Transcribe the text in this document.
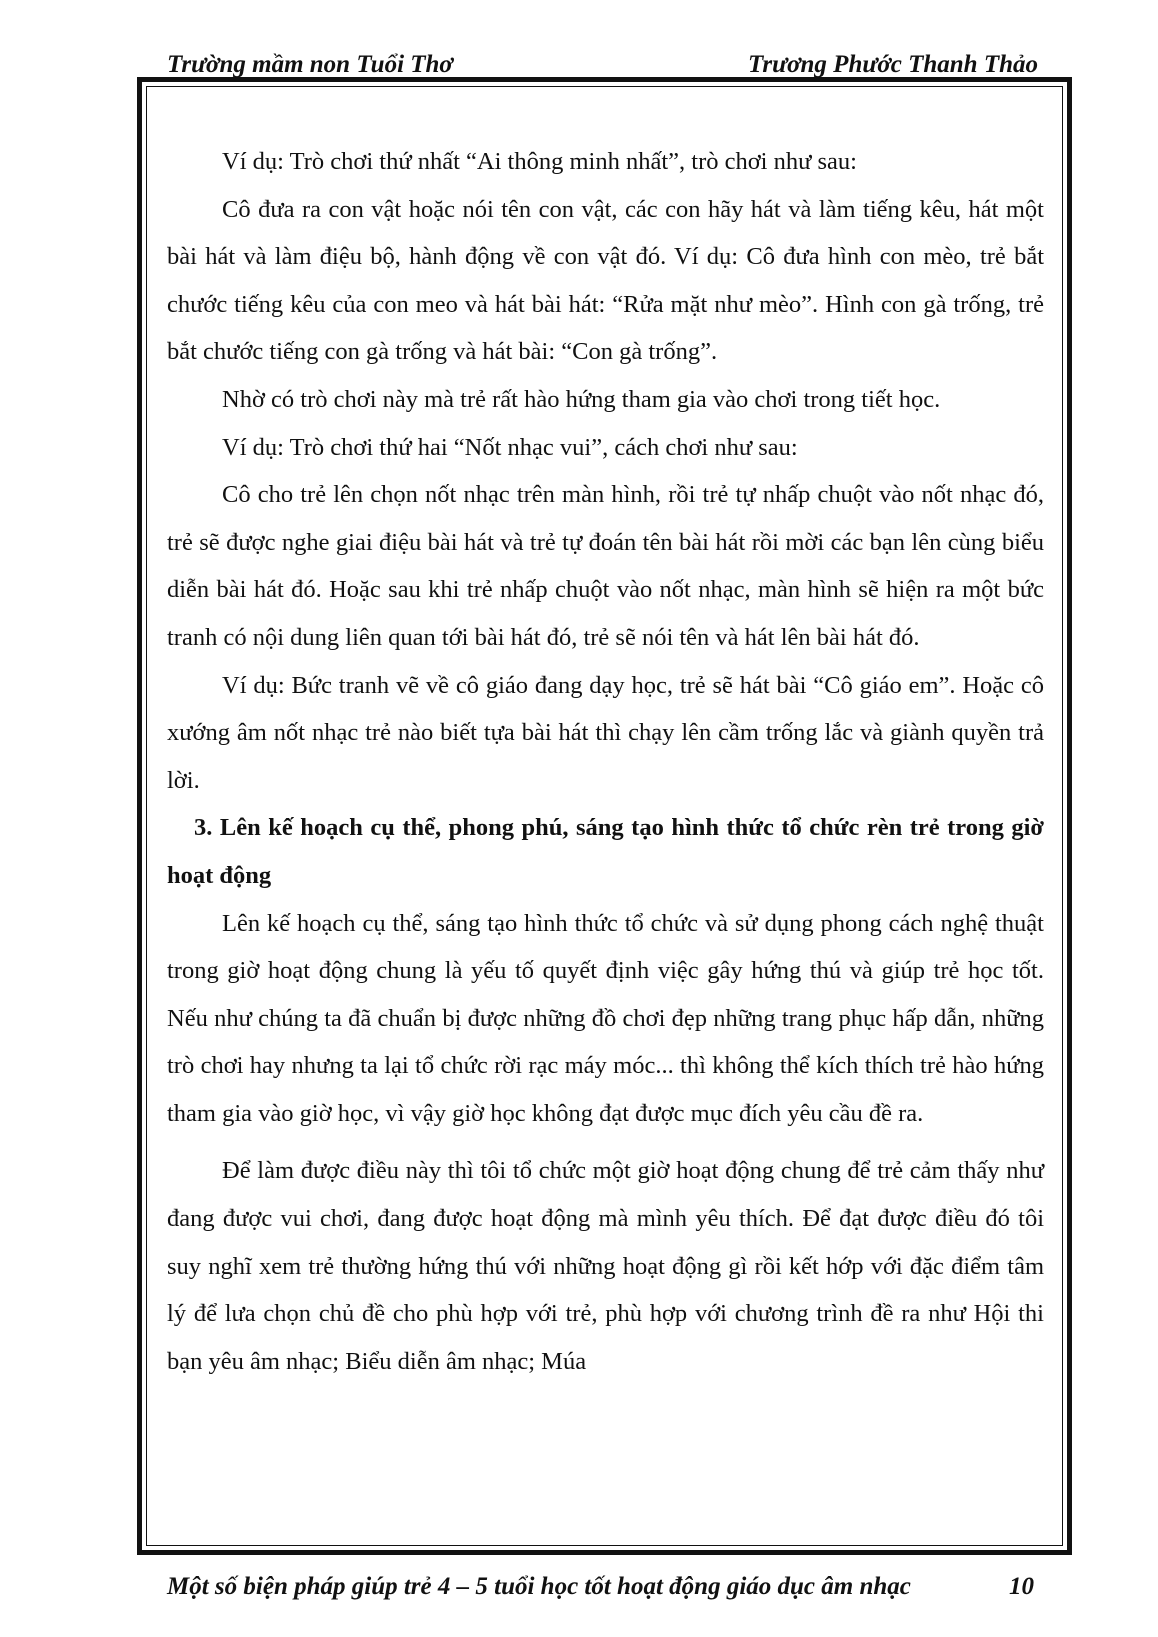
Trường mầm non Tuổi Thơ	Trương Phước Thanh Thảo

Ví dụ: Trò chơi thứ nhất “Ai thông minh nhất”, trò chơi như sau:

Cô đưa ra con vật hoặc nói tên con vật, các con hãy hát và làm tiếng kêu, hát một bài hát và làm điệu bộ, hành động về con vật đó. Ví dụ: Cô đưa hình con mèo, trẻ bắt chước tiếng kêu của con meo và hát bài hát: “Rửa mặt như mèo”. Hình con gà trống, trẻ bắt chước tiếng con gà trống và hát bài: “Con gà trống”.

Nhờ có trò chơi này mà trẻ rất hào hứng tham gia vào chơi trong tiết học.

Ví dụ: Trò chơi thứ hai “Nốt nhạc vui”, cách chơi như sau:

Cô cho trẻ lên chọn nốt nhạc trên màn hình, rồi trẻ tự nhấp chuột vào nốt nhạc đó, trẻ sẽ được nghe giai điệu bài hát và trẻ tự đoán tên bài hát rồi mời các bạn lên cùng biểu diễn bài hát đó. Hoặc sau khi trẻ nhấp chuột vào nốt nhạc, màn hình sẽ hiện ra một bức tranh có nội dung liên quan tới bài hát đó, trẻ sẽ nói tên và hát lên bài hát đó.

Ví dụ: Bức tranh vẽ về cô giáo đang dạy học, trẻ sẽ hát bài “Cô giáo em”. Hoặc cô xướng âm nốt nhạc trẻ nào biết tựa bài hát thì chạy lên cầm trống lắc và giành quyền trả lời.

3. Lên kế hoạch cụ thể, phong phú, sáng tạo hình thức tổ chức rèn trẻ trong giờ hoạt động

Lên kế hoạch cụ thể, sáng tạo hình thức tổ chức và sử dụng phong cách nghệ thuật trong giờ hoạt động chung là yếu tố quyết định việc gây hứng thú và giúp trẻ học tốt. Nếu như chúng ta đã chuẩn bị được những đồ chơi đẹp những trang phục hấp dẫn, những trò chơi hay nhưng ta lại tổ chức rời rạc máy móc... thì không thể kích thích trẻ hào hứng tham gia vào giờ học, vì vậy giờ học không đạt được mục đích yêu cầu đề ra.

Để làm được điều này thì tôi tổ chức một giờ hoạt động chung để trẻ cảm thấy như đang được vui chơi, đang được hoạt động mà mình yêu thích. Để đạt được điều đó tôi suy nghĩ xem trẻ thường hứng thú với những hoạt động gì rồi kết hớp với đặc điểm tâm lý để lưa chọn chủ đề cho phù hợp với trẻ, phù hợp với chương trình đề ra như Hội thi bạn yêu âm nhạc; Biểu diễn âm nhạc; Múa

Một số biện pháp giúp trẻ 4 – 5 tuổi học tốt hoạt động giáo dục âm nhạc	10
